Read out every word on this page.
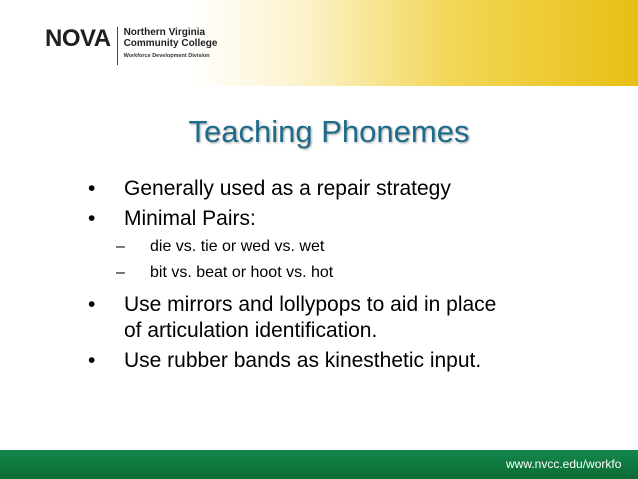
NOVA Northern Virginia
Community College
Workforce Development Division
Teaching Phonemes
• Generally used as a repair strategy
• Minimal Pairs:
– die vs. tie or wed vs. wet
– bit vs. beat or hoot vs. hot
• Use mirrors and lollypops to aid in place
of articulation identification.
• Use rubber bands as kinesthetic input.
www.nvcc.edu/workfo
